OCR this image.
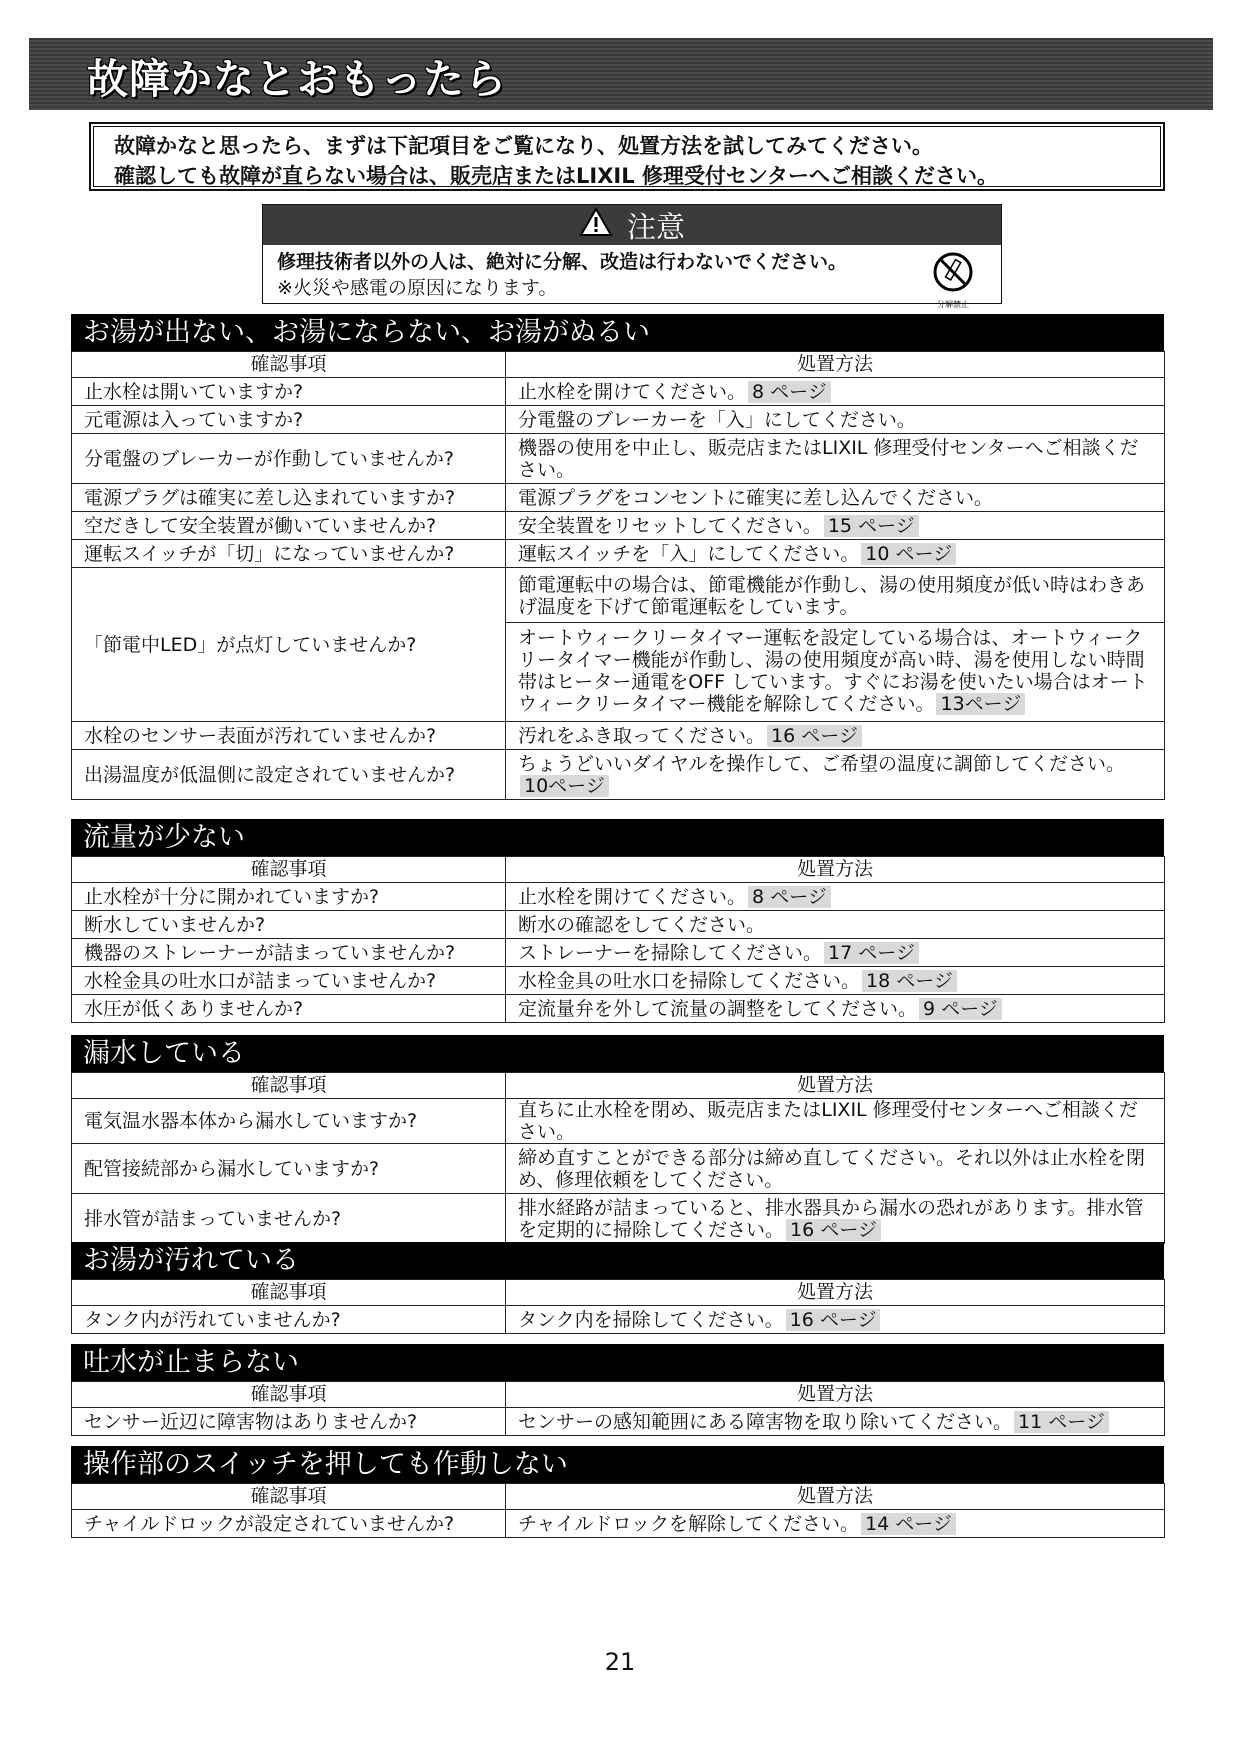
故障かなとおもったら
故障かなと思ったら、まずは下記項目をご覧になり、処置方法を試してみてください。
確認しても故障が直らない場合は、販売店またはLIXIL 修理受付センターへご相談ください。
注意
修理技術者以外の人は、絶対に分解、改造は行わないでください。
※火災や感電の原因になります。
分解禁止
お湯が出ない、お湯にならない、お湯がぬるい
確認事項	処置方法
止水栓は開いていますか?	止水栓を開けてください。 8 ページ
元電源は入っていますか?	分電盤のブレーカーを「入」にしてください。
分電盤のブレーカーが作動していませんか?	機器の使用を中止し、販売店またはLIXIL 修理受付センターへご相談ください。
電源プラグは確実に差し込まれていますか?	電源プラグをコンセントに確実に差し込んでください。
空だきして安全装置が働いていませんか?	安全装置をリセットしてください。 15 ページ
運転スイッチが「切」になっていませんか?	運転スイッチを「入」にしてください。 10 ページ
「節電中LED」が点灯していませんか?	節電運転中の場合は、節電機能が作動し、湯の使用頻度が低い時はわきあげ温度を下げて節電運転をしています。
オートウィークリータイマー運転を設定している場合は、オートウィークリータイマー機能が作動し、湯の使用頻度が高い時、湯を使用しない時間帯はヒーター通電をOFF しています。すぐにお湯を使いたい場合はオートウィークリータイマー機能を解除してください。 13ページ

水栓のセンサー表面が汚れていませんか?	汚れをふき取ってください。 16 ページ
出湯温度が低温側に設定されていませんか?	ちょうどいいダイヤルを操作して、ご希望の温度に調節してください。10ページ
流量が少ない
確認事項	処置方法
止水栓が十分に開かれていますか?	止水栓を開けてください。 8 ページ
断水していませんか?	断水の確認をしてください。
機器のストレーナーが詰まっていませんか?	ストレーナーを掃除してください。 17 ページ
水栓金具の吐水口が詰まっていませんか?	水栓金具の吐水口を掃除してください。 18 ページ
水圧が低くありませんか?	定流量弁を外して流量の調整をしてください。 9 ページ
漏水している
確認事項	処置方法
電気温水器本体から漏水していますか?	直ちに止水栓を閉め、販売店またはLIXIL 修理受付センターへご相談ください。
配管接続部から漏水していますか?	締め直すことができる部分は締め直してください。それ以外は止水栓を閉め、修理依頼をしてください。
排水管が詰まっていませんか?	排水経路が詰まっていると、排水器具から漏水の恐れがあります。排水管を定期的に掃除してください。 16 ページ
お湯が汚れている
確認事項	処置方法
タンク内が汚れていませんか?	タンク内を掃除してください。 16 ページ
吐水が止まらない
確認事項	処置方法
センサー近辺に障害物はありませんか?	センサーの感知範囲にある障害物を取り除いてください。 11 ページ
操作部のスイッチを押しても作動しない
確認事項	処置方法
チャイルドロックが設定されていませんか?	チャイルドロックを解除してください。 14 ページ
21
